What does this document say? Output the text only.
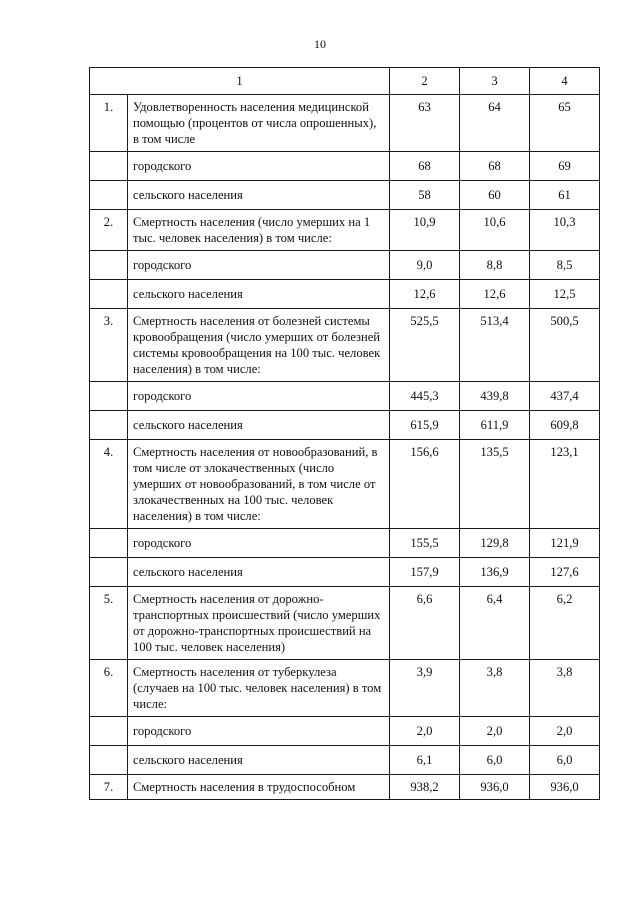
10
1		2	3	4
1.	Удовлетворенность населения медицинской помощью (процентов от числа опрошенных), в том числе	63	64	65
	городского	68	68	69
	сельского населения	58	60	61
2.	Смертность населения (число умерших на 1 тыс. человек населения) в том числе:	10,9	10,6	10,3
	городского	9,0	8,8	8,5
	сельского населения	12,6	12,6	12,5
3.	Смертность населения от болезней системы кровообращения (число умерших от болезней системы кровообращения на 100 тыс. человек населения) в том числе:	525,5	513,4	500,5
	городского	445,3	439,8	437,4
	сельского населения	615,9	611,9	609,8
4.	Смертность населения от новообразований, в том числе от злокачественных (число умерших от новообразований, в том числе от злокачественных на 100 тыс. человек населения) в том числе:	156,6	135,5	123,1
	городского	155,5	129,8	121,9
	сельского населения	157,9	136,9	127,6
5.	Смертность населения от дорожно-транспортных происшествий (число умерших от дорожно-транспортных происшествий на 100 тыс. человек населения)	6,6	6,4	6,2
6.	Смертность населения от туберкулеза (случаев на 100 тыс. человек населения) в том числе:	3,9	3,8	3,8
	городского	2,0	2,0	2,0
	сельского населения	6,1	6,0	6,0
7.	Смертность населения в трудоспособном	938,2	936,0	936,0
